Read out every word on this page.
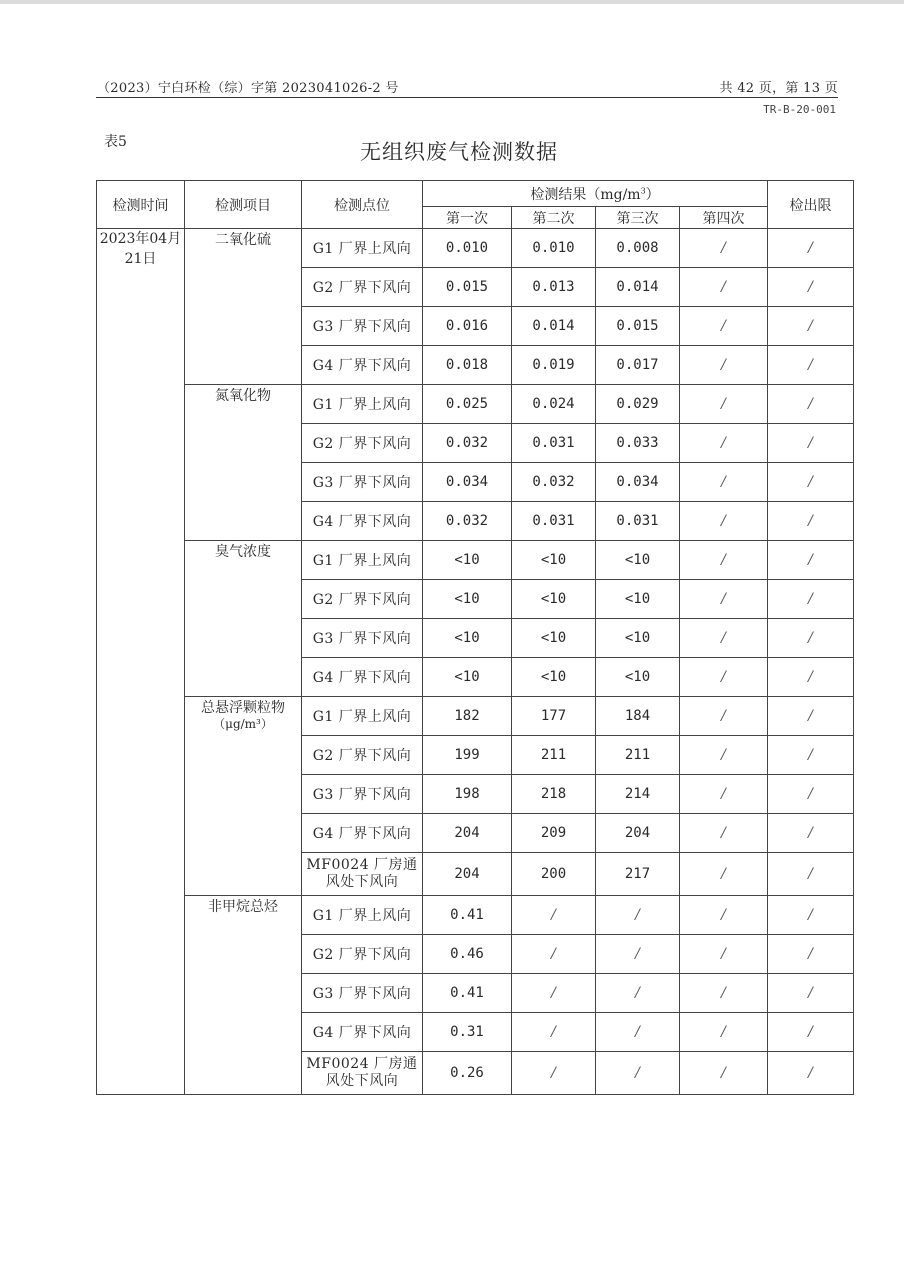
（2023）宁白环检（综）字第 2023041026-2 号	共 42 页，第 13 页
TR-B-20-001
表5	无组织废气检测数据
检测时间	检测项目	检测点位	检测结果$(mg/m^3)$				检出限
			第一次	第二次	第三次	第四次	
2023年04月21日	二氧化硫	G1 厂界上风向	0.010	0.010	0.008	/	/
		G2 厂界下风向	0.015	0.013	0.014	/	/
		G3 厂界下风向	0.016	0.014	0.015	/	/
		G4 厂界下风向	0.018	0.019	0.017	/	/
	氮氧化物	G1 厂界上风向	0.025	0.024	0.029	/	/
		G2 厂界下风向	0.032	0.031	0.033	/	/
		G3 厂界下风向	0.034	0.032	0.034	/	/
		G4 厂界下风向	0.032	0.031	0.031	/	/
	臭气浓度	G1 厂界上风向	<10	<10	<10	/	/
		G2 厂界下风向	<10	<10	<10	/	/
		G3 厂界下风向	<10	<10	<10	/	/
		G4 厂界下风向	<10	<10	<10	/	/
	总悬浮颗粒物
（μg/m³）	G1 厂界上风向	182	177	184	/	/
		G2 厂界下风向	199	211	211	/	/
		G3 厂界下风向	198	218	214	/	/
		G4 厂界下风向	204	209	204	/	/
		MF0024 厂房通风处下风向	204	200	217	/	/
	非甲烷总烃	G1 厂界上风向	0.41	/	/	/	/
		G2 厂界下风向	0.46	/	/	/	/
		G3 厂界下风向	0.41	/	/	/	/
		G4 厂界下风向	0.31	/	/	/	/
		MF0024 厂房通风处下风向	0.26	/	/	/	/
